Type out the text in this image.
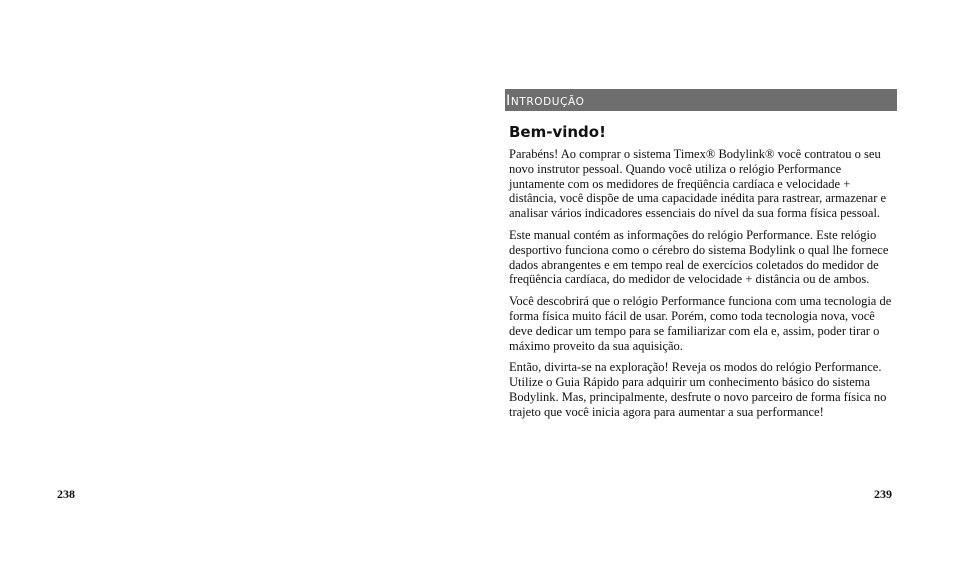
INTRODUÇÃO
Bem-vindo!

Parabéns! Ao comprar o sistema Timex® Bodylink® você contratou o seu novo instrutor pessoal. Quando você utiliza o relógio Performance juntamente com os medidores de freqüência cardíaca e velocidade + distância, você dispõe de uma capacidade inédita para rastrear, armazenar e analisar vários indicadores essenciais do nível da sua forma física pessoal.

Este manual contém as informações do relógio Performance. Este relógio desportivo funciona como o cérebro do sistema Bodylink o qual lhe fornece dados abrangentes e em tempo real de exercícios coletados do medidor de freqüência cardíaca, do medidor de velocidade + distância ou de ambos.

Você descobrirá que o relógio Performance funciona com uma tecnologia de forma física muito fácil de usar. Porém, como toda tecnologia nova, você deve dedicar um tempo para se familiarizar com ela e, assim, poder tirar o máximo proveito da sua aquisição.

Então, divirta-se na exploração! Reveja os modos do relógio Performance. Utilize o Guia Rápido para adquirir um conhecimento básico do sistema Bodylink. Mas, principalmente, desfrute o novo parceiro de forma física no trajeto que você inicia agora para aumentar a sua performance!

238	239
